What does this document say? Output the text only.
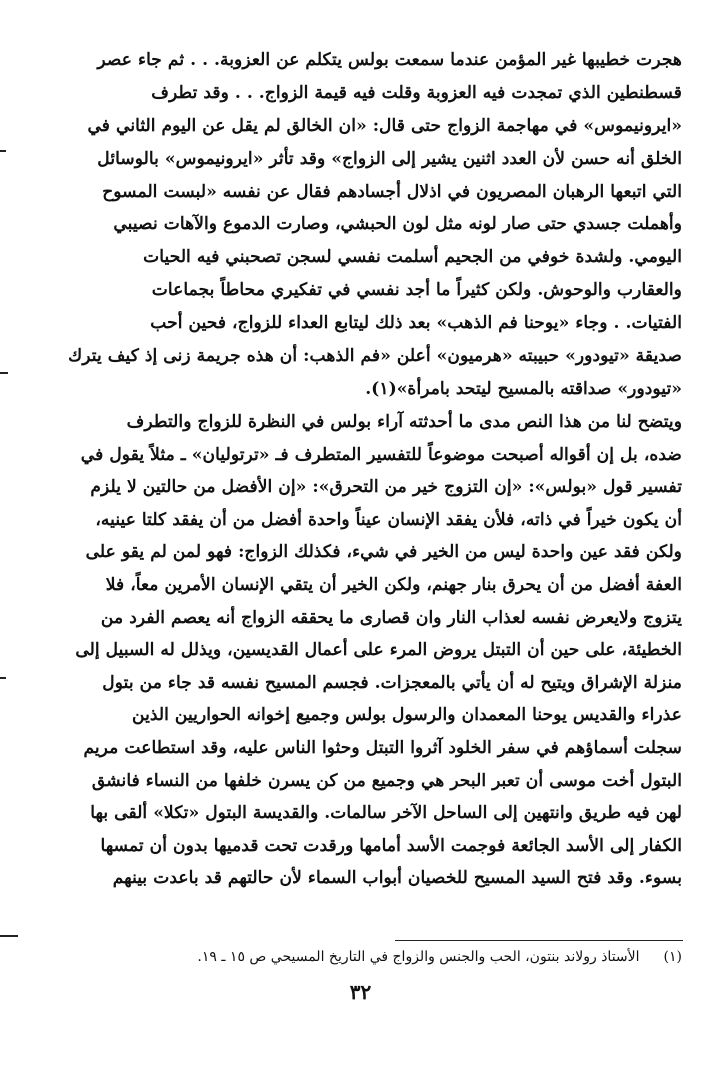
هجرت خطيبها غير المؤمن عندما سمعت بولس يتكلم عن العزوبة. . . ثم جاء عصر
قسطنطين الذي تمجدت فيه العزوبة وقلت فيه قيمة الزواج. . . وقد تطرف
«ايرونيموس» في مهاجمة الزواج حتى قال: «ان الخالق لم يقل عن اليوم الثاني في
الخلق أنه حسن لأن العدد اثنين يشير إلى الزواج» وقد تأثر «ايرونيموس» بالوسائل
التي اتبعها الرهبان المصريون في اذلال أجسادهم فقال عن نفسه «لبست المسوح
وأهملت جسدي حتى صار لونه مثل لون الحبشي، وصارت الدموع والآهات نصيبي
اليومي. ولشدة خوفي من الجحيم أسلمت نفسي لسجن تصحبني فيه الحيات
والعقارب والوحوش. ولكن كثيراً ما أجد نفسي في تفكيري محاطاً بجماعات
الفتيات. . وجاء «يوحنا فم الذهب» بعد ذلك ليتابع العداء للزواج، فحين أحب
صديقة «تيودور» حبيبته «هرميون» أعلن «فم الذهب: أن هذه جريمة زنى إذ كيف يترك
«تيودور» صداقته بالمسيح ليتحد بامرأة»(١).
ويتضح لنا من هذا النص مدى ما أحدثته آراء بولس في النظرة للزواج والتطرف
ضده، بل إن أقواله أصبحت موضوعاً للتفسير المتطرف فـ «ترتوليان» ـ مثلاً يقول في
تفسير قول «بولس»: «إن التزوج خير من التحرق»: «إن الأفضل من حالتين لا يلزم
أن يكون خيراً في ذاته، فلأن يفقد الإنسان عيناً واحدة أفضل من أن يفقد كلتا عينيه،
ولكن فقد عين واحدة ليس من الخير في شيء، فكذلك الزواج: فهو لمن لم يقو على
العفة أفضل من أن يحرق بنار جهنم، ولكن الخير أن يتقي الإنسان الأمرين معاً، فلا
يتزوج ولايعرض نفسه لعذاب النار وان قصارى ما يحققه الزواج أنه يعصم الفرد من
الخطيئة، على حين أن التبتل يروض المرء على أعمال القديسين، ويذلل له السبيل إلى
منزلة الإشراق ويتيح له أن يأتي بالمعجزات. فجسم المسيح نفسه قد جاء من بتول
عذراء والقديس يوحنا المعمدان والرسول بولس وجميع إخوانه الحواريين الذين
سجلت أسماؤهم في سفر الخلود آثروا التبتل وحثوا الناس عليه، وقد استطاعت مريم
البتول أخت موسى أن تعبر البحر هي وجميع من كن يسرن خلفها من النساء فانشق
لهن فيه طريق وانتهين إلى الساحل الآخر سالمات. والقديسة البتول «تكلا» ألقى بها
الكفار إلى الأسد الجائعة فوجمت الأسد أمامها ورقدت تحت قدميها بدون أن تمسها
بسوء. وقد فتح السيد المسيح للخصيان أبواب السماء لأن حالتهم قد باعدت بينهم
(١)الأستاذ رولاند بنتون، الحب والجنس والزواج في التاريخ المسيحي ص ١٥ ـ ١٩.
٣٢
